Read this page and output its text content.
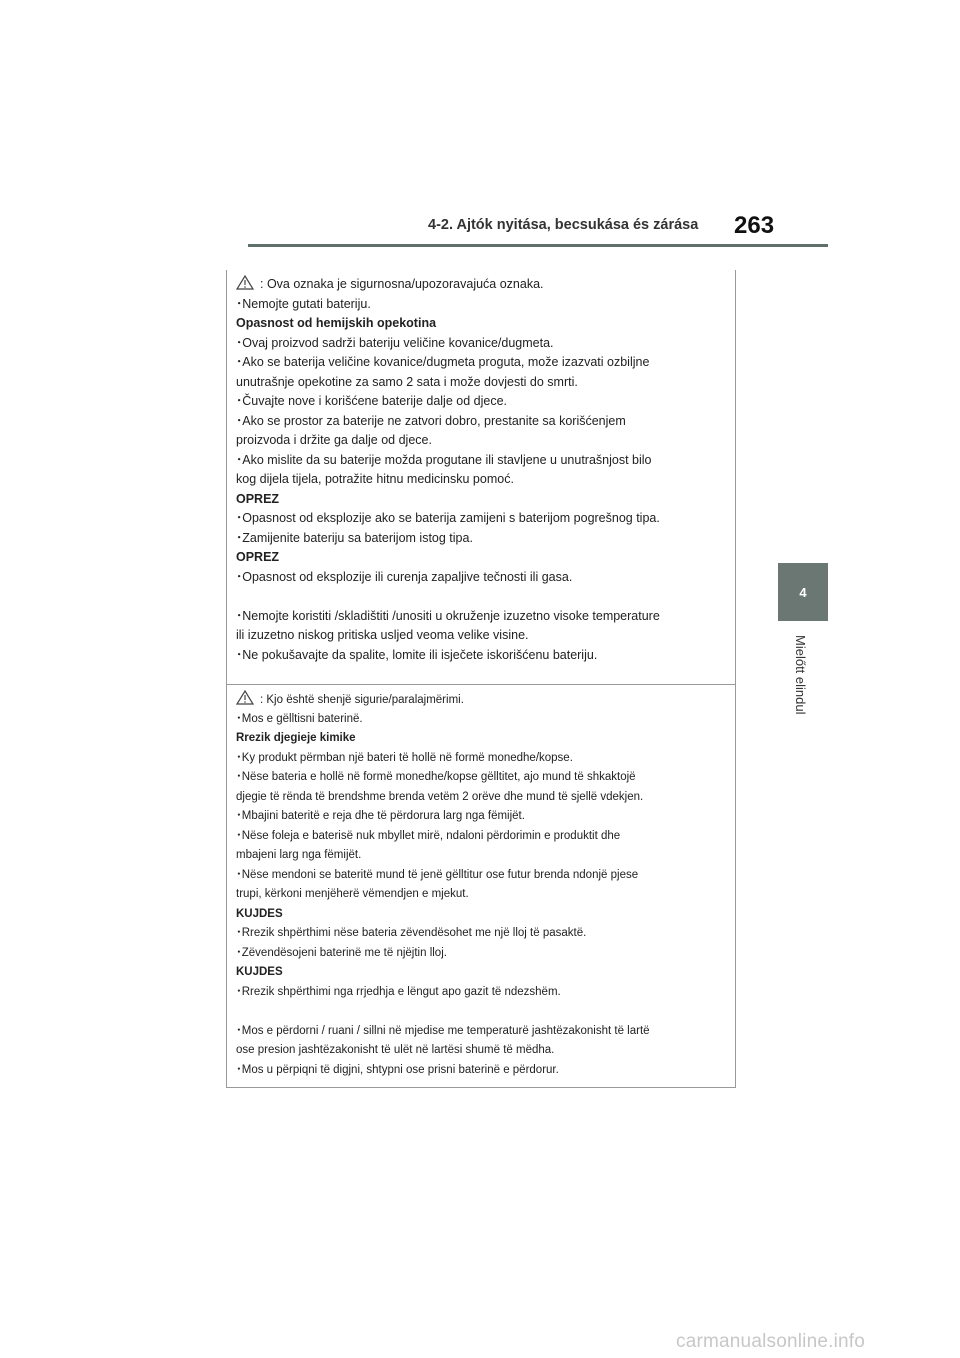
4-2. Ajtók nyitása, becsukása és zárása 263
4
Mielőtt elindul
: Ova oznaka je sigurnosna/upozoravajuća oznaka.
･Nemojte gutati bateriju.
Opasnost od hemijskih opekotina
･Ovaj proizvod sadrži bateriju veličine kovanice/dugmeta.
･Ako se baterija veličine kovanice/dugmeta proguta, može izazvati ozbiljne
unutrašnje opekotine za samo 2 sata i može dovjesti do smrti.
･Čuvajte nove i korišćene baterije dalje od djece.
･Ako se prostor za baterije ne zatvori dobro, prestanite sa korišćenjem
proizvoda i držite ga dalje od djece.
･Ako mislite da su baterije možda progutane ili stavljene u unutrašnjost bilo
kog dijela tijela, potražite hitnu medicinsku pomoć.
OPREZ
･Opasnost od eksplozije ako se baterija zamijeni s baterijom pogrešnog tipa.
･Zamijenite bateriju sa baterijom istog tipa.
OPREZ
･Opasnost od eksplozije ili curenja zapaljive tečnosti ili gasa.
･Nemojte koristiti /skladištiti /unositi u okruženje izuzetno visoke temperature
ili izuzetno niskog pritiska usljed veoma velike visine.
･Ne pokušavajte da spalite, lomite ili isječete iskorišćenu bateriju.
: Kjo është shenjë sigurie/paralajmërimi.
･Mos e gëlltisni baterinë.
Rrezik djegieje kimike
･Ky produkt përmban një bateri të hollë në formë monedhe/kopse.
･Nëse bateria e hollë në formë monedhe/kopse gëlltitet, ajo mund të shkaktojë
djegie të rënda të brendshme brenda vetëm 2 orëve dhe mund të sjellë vdekjen.
･Mbajini bateritë e reja dhe të përdorura larg nga fëmijët.
･Nëse foleja e baterisë nuk mbyllet mirë, ndaloni përdorimin e produktit dhe
mbajeni larg nga fëmijët.
･Nëse mendoni se bateritë mund të jenë gëlltitur ose futur brenda ndonjë pjese
trupi, kërkoni menjëherë vëmendjen e mjekut.
KUJDES
･Rrezik shpërthimi nëse bateria zëvendësohet me një lloj të pasaktë.
･Zëvendësojeni baterinë me të njëjtin lloj.
KUJDES
･Rrezik shpërthimi nga rrjedhja e lëngut apo gazit të ndezshëm.
･Mos e përdorni / ruani / sillni në mjedise me temperaturë jashtëzakonisht të lartë
ose presion jashtëzakonisht të ulët në lartësi shumë të mëdha.
･Mos u përpiqni të digjni, shtypni ose prisni baterinë e përdorur.
carmanualsonline.info
